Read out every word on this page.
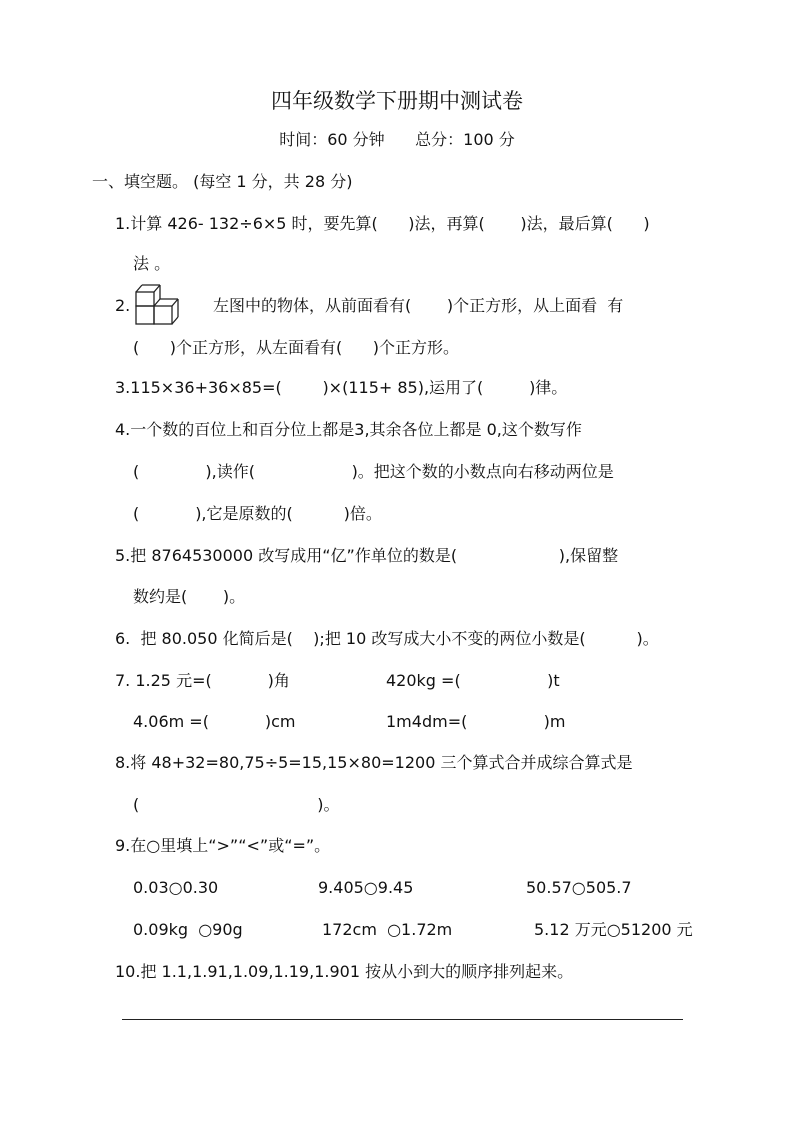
四年级数学下册期中测试卷
时间：60 分钟      总分：100 分
一、填空题。 (每空 1 分，共 28 分)
1.计算 426- 132÷6×5 时，要先算(      )法，再算(       )法，最后算(      )
法 。
2.	左图中的物体，从前面看有(       )个正方形，从上面看  有
(      )个正方形，从左面看有(      )个正方形。
3.115×36+36×85=(        )×(115+ 85),运用了(         )律。
4.一个数的百位上和百分位上都是3,其余各位上都是 0,这个数写作
(             ),读作(                   )。把这个数的小数点向右移动两位是
(           ),它是原数的(          )倍。
5.把 8764530000 改写成用“亿”作单位的数是(                    ),保留整
数约是(       )。
6.  把 80.050 化简后是(    );把 10 改写成大小不变的两位小数是(          )。
7. 1.25 元=(           )角	420kg =(                 )t
4.06m =(           )cm	1m4dm=(               )m
8.将 48+32=80,75÷5=15,15×80=1200 三个算式合并成综合算式是
(                                   )。
9.在○里填上“>”“<”或“=”。
0.03○0.30	9.405○9.45	50.57○505.7
0.09kg  ○90g	172cm  ○1.72m	5.12 万元○51200 元
10.把 1.1,1.91,1.09,1.19,1.901 按从小到大的顺序排列起来。
